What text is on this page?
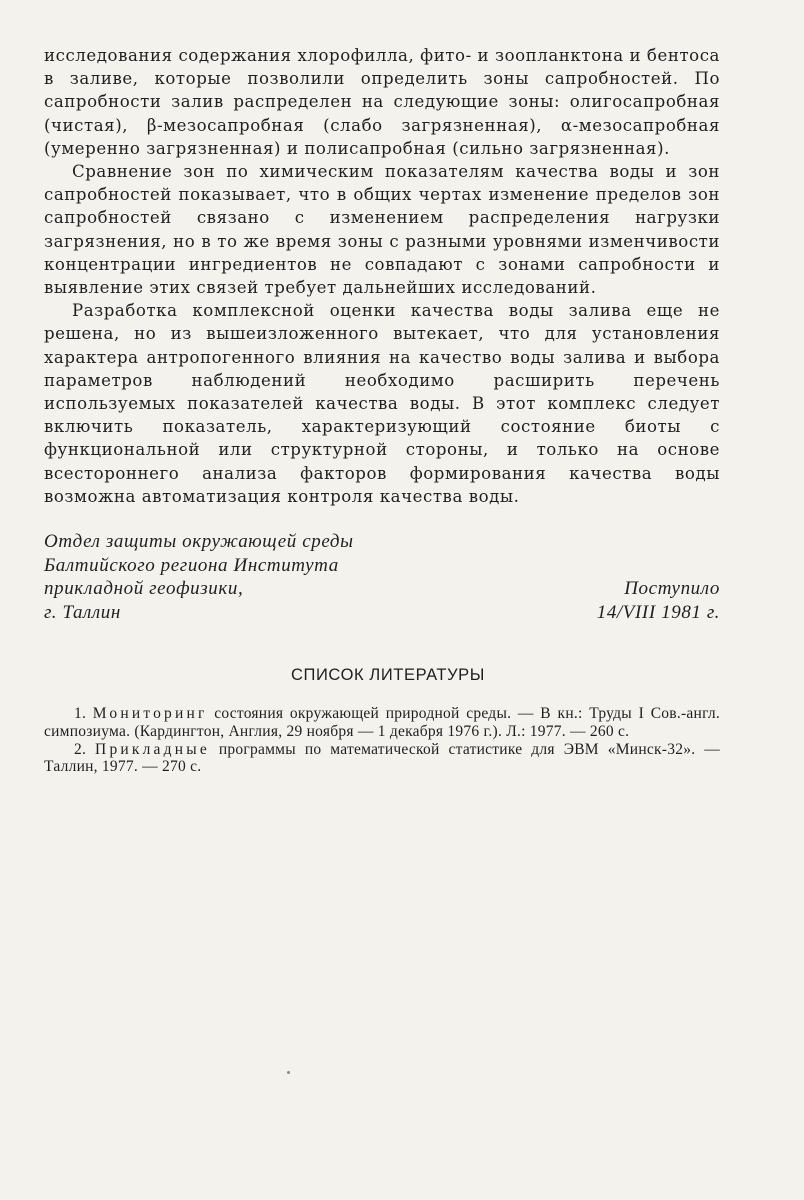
исследования содержания хлорофилла, фито- и зоопланктона и бентоса в заливе, которые позволили определить зоны сапробностей. По сапробности залив распределен на следующие зоны: олигосапробная (чистая), β-мезосапробная (слабо загрязненная), α-мезосапробная (умеренно загрязненная) и полисапробная (сильно загрязненная).

Сравнение зон по химическим показателям качества воды и зон сапробностей показывает, что в общих чертах изменение пределов зон сапробностей связано с изменением распределения нагрузки загрязнения, но в то же время зоны с разными уровнями изменчивости концентрации ингредиентов не совпадают с зонами сапробности и выявление этих связей требует дальнейших исследований.

Разработка комплексной оценки качества воды залива еще не решена, но из вышеизложенного вытекает, что для установления характера антропогенного влияния на качество воды залива и выбора параметров наблюдений необходимо расширить перечень используемых показателей качества воды. В этот комплекс следует включить показатель, характеризующий состояние биоты с функциональной или структурной стороны, и только на основе всестороннего анализа факторов формирования качества воды возможна автоматизация контроля качества воды.

Отдел защиты окружающей среды
Балтийского региона Института
прикладной геофизики,
г. Таллин
Поступило
14/VIII 1981 г.
СПИСОК ЛИТЕРАТУРЫ

1. Мониторинг состояния окружающей природной среды. — В кн.: Труды I Сов.-англ. симпозиума. (Кардингтон, Англия, 29 ноября — 1 декабря 1976 г.). Л.: 1977. — 260 с.

2. Прикладные программы по математической статистике для ЭВМ «Минск-32». — Таллин, 1977. — 270 с.
